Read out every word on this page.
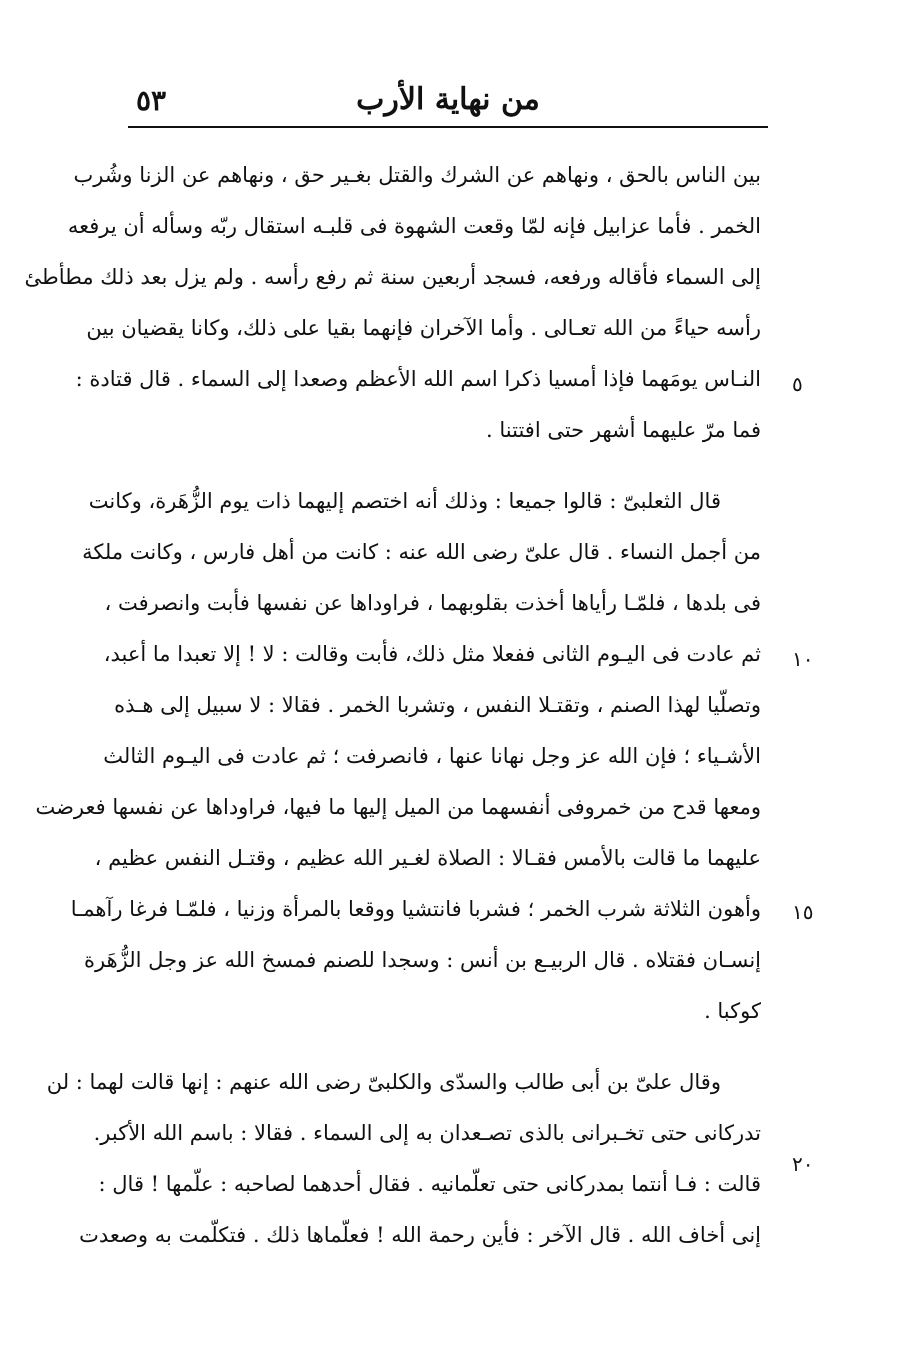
٥٣	من نهاية الأرب
٥
١٠
١٥
٢٠
بين الناس بالحق ، ونهاهم عن الشرك والقتل بغـير حق ، ونهاهم عن الزنا وشُرب
الخمر . فأما عزابيل فإنه لمّا وقعت الشهوة فى قلبـه استقال ربّه وسأله أن يرفعه
إلى السماء فأقاله ورفعه، فسجد أربعين سنة ثم رفع رأسه . ولم يزل بعد ذلك مطأطئ
رأسه حياءً من الله تعـالى . وأما الآخران فإنهما بقيا على ذلك، وكانا يقضيان بين
النـاس يومَهما فإذا أمسيا ذكرا اسم الله الأعظم وصعدا إلى السماء . قال قتادة :
فما مرّ عليهما أشهر حتى افتتنا .
قال الثعلبىّ : قالوا جميعا : وذلك أنه اختصم إليهما ذات يوم الزُّهَرة، وكانت
من أجمل النساء . قال علىّ رضى الله عنه : كانت من أهل فارس ، وكانت ملكة
فى بلدها ، فلمّـا رأياها أخذت بقلوبهما ، فراوداها عن نفسها فأبت وانصرفت ،
ثم عادت فى اليـوم الثانى ففعلا مثل ذلك، فأبت وقالت : لا ! إلا تعبدا ما أعبد،
وتصلّيا لهذا الصنم ، وتقتـلا النفس ، وتشربا الخمر . فقالا : لا سبيل إلى هـذه
الأشـياء ؛ فإن الله عز وجل نهانا عنها ، فانصرفت ؛ ثم عادت فى اليـوم الثالث
ومعها قدح من خمروفى أنفسهما من الميل إليها ما فيها، فراوداها عن نفسها فعرضت
عليهما ما قالت بالأمس فقـالا : الصلاة لغـير الله عظيم ، وقتـل النفس عظيم ،
وأهون الثلاثة شرب الخمر ؛ فشربا فانتشيا ووقعا بالمرأة وزنيا ، فلمّـا فرغا رآهمـا
إنسـان فقتلاه . قال الربيـع بن أنس : وسجدا للصنم فمسخ الله عز وجل الزُّهَرة
كوكبا .
وقال علىّ بن أبى طالب والسدّى والكلبىّ رضى الله عنهم : إنها قالت لهما : لن
تدركانى حتى تخـبرانى بالذى تصـعدان به إلى السماء . فقالا : باسم الله الأكبر.
قالت : فـا أنتما بمدركانى حتى تعلّمانيه . فقال أحدهما لصاحبه : علّمها ! قال :
إنى أخاف الله . قال الآخر : فأين رحمة الله ! فعلّماها ذلك . فتكلّمت به وصعدت
